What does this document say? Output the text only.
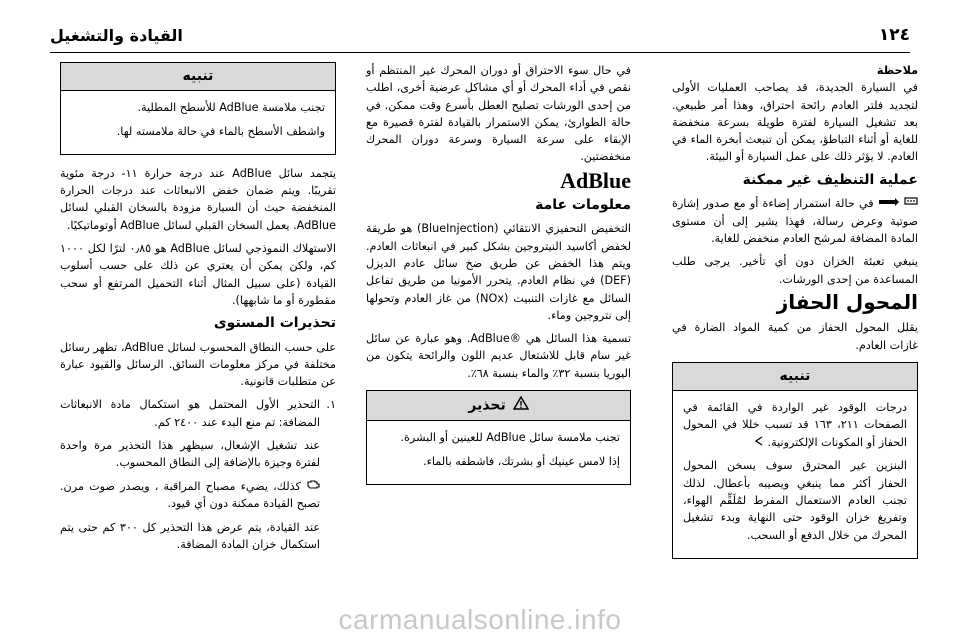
١٢٤
القيادة والتشغيل

ملاحظة
في السيارة الجديدة، قد يصاحب العمليات الأولى لتجديد فلتر العادم رائحة احتراق، وهذا أمر طبيعي. بعد تشغيل السيارة لفترة طويلة بسرعة منخفضة للغاية أو أثناء التباطؤ، يمكن أن تنبعث أبخرة الماء في العادم. لا يؤثر ذلك على عمل السيارة أو البيئة.

عملية التنظيف غير ممكنة

في حالة استمرار إضاءة أو مع صدور إشارة صوتية وعرض رسالة، فهذا يشير إلى أن مستوى المادة المضافة لمرشح العادم منخفض للغاية.

ينبغي تعبئة الخزان دون أي تأخير. يرجى طلب المساعدة من إحدى الورشات.

المحول الحفاز

يقلل المحول الحفاز من كمية المواد الضارة في غازات العادم.

تنبيه

درجات الوقود غير الواردة في القائمة في الصفحات ٢١١، ١٦٣ قد تسبب خللا في المحول الحفاز أو المكونات الإلكترونية.

البنزين غير المحترق سوف يسخن المحول الحفاز أكثر مما ينبغي ويصيبه بأعطال. لذلك تجنب العادم الاستعمال المفرط لمُلَقِّم الهواء، وتفريغ خزان الوقود حتى النهاية وبدء تشغيل المحرك من خلال الدفع أو السحب.

في حال سوء الاحتراق أو دوران المحرك غير المنتظم أو نقص في أداء المحرك أو أي مشاكل عرضية أخرى، اطلب من إحدى الورشات تصليح العطل بأسرع وقت ممكن. في حالة الطوارئ، يمكن الاستمرار بالقيادة لفترة قصيرة مع الإبقاء على سرعة السيارة وسرعة دوران المحرك منخفضتين.

AdBlue
معلومات عامة

التخفيض التحفيزي الانتقائي (BlueInjection) هو طريقة لخفض أكاسيد النيتروجين بشكل كبير في انبعاثات العادم. ويتم هذا الخفض عن طريق ضخ سائل عادم الديزل (DEF) في نظام العادم. يتحرر الأمونيا من طريق تفاعل السائل مع غازات التنبيت (NOx) من غاز العادم وتحولها إلى نتروجين وماء.

تسمية هذا السائل هي ®AdBlue. وهو عبارة عن سائل غير سام قابل للاشتعال عديم اللون والرائحة يتكون من اليوريا بنسبة ٣٢٪ والماء بنسبة ٦٨٪.

تحذير

تجنب ملامسة سائل AdBlue للعينين أو البشرة.

إذا لامس عينيك أو بشرتك، فاشطفه بالماء.

تنبيه

تجنب ملامسة AdBlue للأسطح المطلية.

واشطف الأسطح بالماء في حالة ملامسته لها.

يتجمد سائل AdBlue عند درجة حرارة ١١- درجة مئوية تقريبًا. ويتم ضمان خفض الانبعاثات عند درجات الحرارة المنخفضة حيث أن السيارة مزودة بالسخان القبلي لسائل AdBlue. يعمل السخان القبلي لسائل AdBlue أوتوماتيكيًا.

الاستهلاك النموذجي لسائل AdBlue هو ٠٫٨٥ لترًا لكل ١٠٠٠ كم، ولكن يمكن أن يعتري عن ذلك على حسب أسلوب القيادة (على سبيل المثال أثناء التحميل المرتفع أو سحب مقطورة أو ما شابهها).

تحذيرات المستوى

على حسب النطاق المحسوب لسائل AdBlue، تظهر رسائل مختلفة في مركز معلومات السائق. الرسائل والقيود عبارة عن متطلبات قانونية.

١.

التحذير الأول المحتمل هو استكمال مادة الانبعاثات المضافة: تم منع البدء عند ٢٤٠٠ كم.

عند تشغيل الإشعال، سيظهر هذا التحذير مرة واحدة لفترة وجيزة بالإضافة إلى النطاق المحسوب.

كذلك، يضيء مصباح المراقبة ، ويصدر صوت مرن. تصبح القيادة ممكنة دون أي قيود.

عند القيادة، يتم عرض هذا التحذير كل ٣٠٠ كم حتى يتم استكمال خزان المادة المضافة.

carmanualsonline.info
